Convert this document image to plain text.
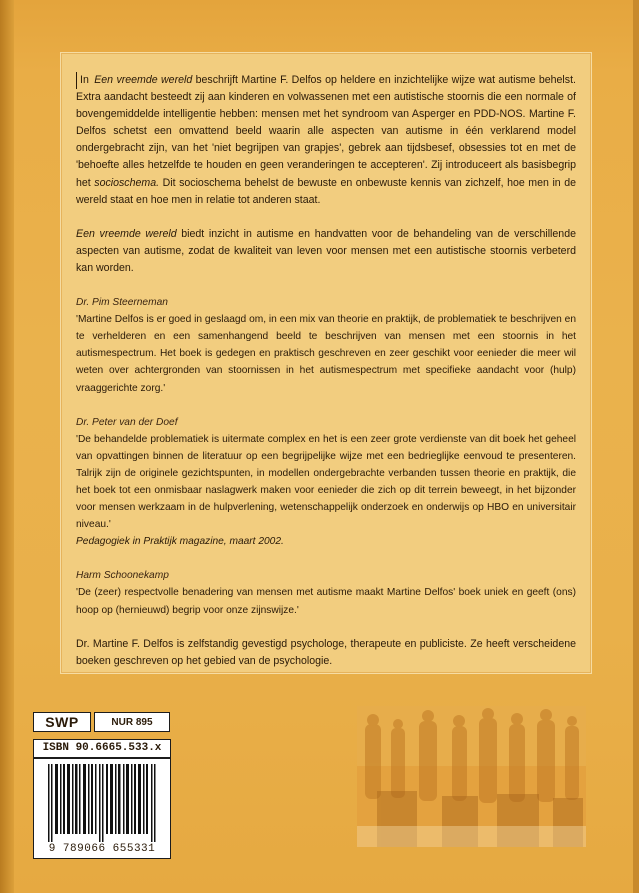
In Een vreemde wereld beschrijft Martine F. Delfos op heldere en inzichtelijke wijze wat autisme behelst. Extra aandacht besteedt zij aan kinderen en volwassenen met een autistische stoornis die een normale of bovengemiddelde intelligentie hebben: mensen met het syndroom van Asperger en PDD-NOS. Martine F. Delfos schetst een omvattend beeld waarin alle aspecten van autisme in één verklarend model ondergebracht zijn, van het 'niet begrijpen van grapjes', gebrek aan tijdsbesef, obsessies tot en met de 'behoefte alles hetzelfde te houden en geen veranderingen te accepteren'. Zij introduceert als basisbegrip het socioschema. Dit socioschema behelst de bewuste en onbewuste kennis van zichzelf, hoe men in de wereld staat en hoe men in relatie tot anderen staat.

Een vreemde wereld biedt inzicht in autisme en handvatten voor de behandeling van de verschillende aspecten van autisme, zodat de kwaliteit van leven voor mensen met een autistische stoornis verbeterd kan worden.

Dr. Pim Steerneman

'Martine Delfos is er goed in geslaagd om, in een mix van theorie en praktijk, de problematiek te beschrijven en te verhelderen en een samenhangend beeld te beschrijven van mensen met een stoornis in het autismespectrum. Het boek is gedegen en praktisch geschreven en zeer geschikt voor eenieder die meer wil weten over achtergronden van stoornissen in het autismespectrum met specifieke aandacht voor (hulp) vraaggerichte zorg.'

Dr. Peter van der Doef

'De behandelde problematiek is uitermate complex en het is een zeer grote verdienste van dit boek het geheel van opvattingen binnen de literatuur op een begrijpelijke wijze met een bedrieglijke eenvoud te presenteren. Talrijk zijn de originele gezichtspunten, in modellen ondergebrachte verbanden tussen theorie en praktijk, die het boek tot een onmisbaar naslagwerk maken voor eenieder die zich op dit terrein beweegt, in het bijzonder voor mensen werkzaam in de hulpverlening, wetenschappelijk onderzoek en onderwijs op HBO en universitair niveau.'

Pedagogiek in Praktijk magazine, maart 2002.

Harm Schoonekamp

'De (zeer) respectvolle benadering van mensen met autisme maakt Martine Delfos' boek uniek en geeft (ons) hoop op (hernieuwd) begrip voor onze zijnswijze.'

Dr. Martine F. Delfos is zelfstandig gevestigd psychologe, therapeute en publiciste. Ze heeft verscheidene boeken geschreven op het gebied van de psychologie.

SWP	NUR 895
ISBN 90.6665.533.x
9 789066 655331
